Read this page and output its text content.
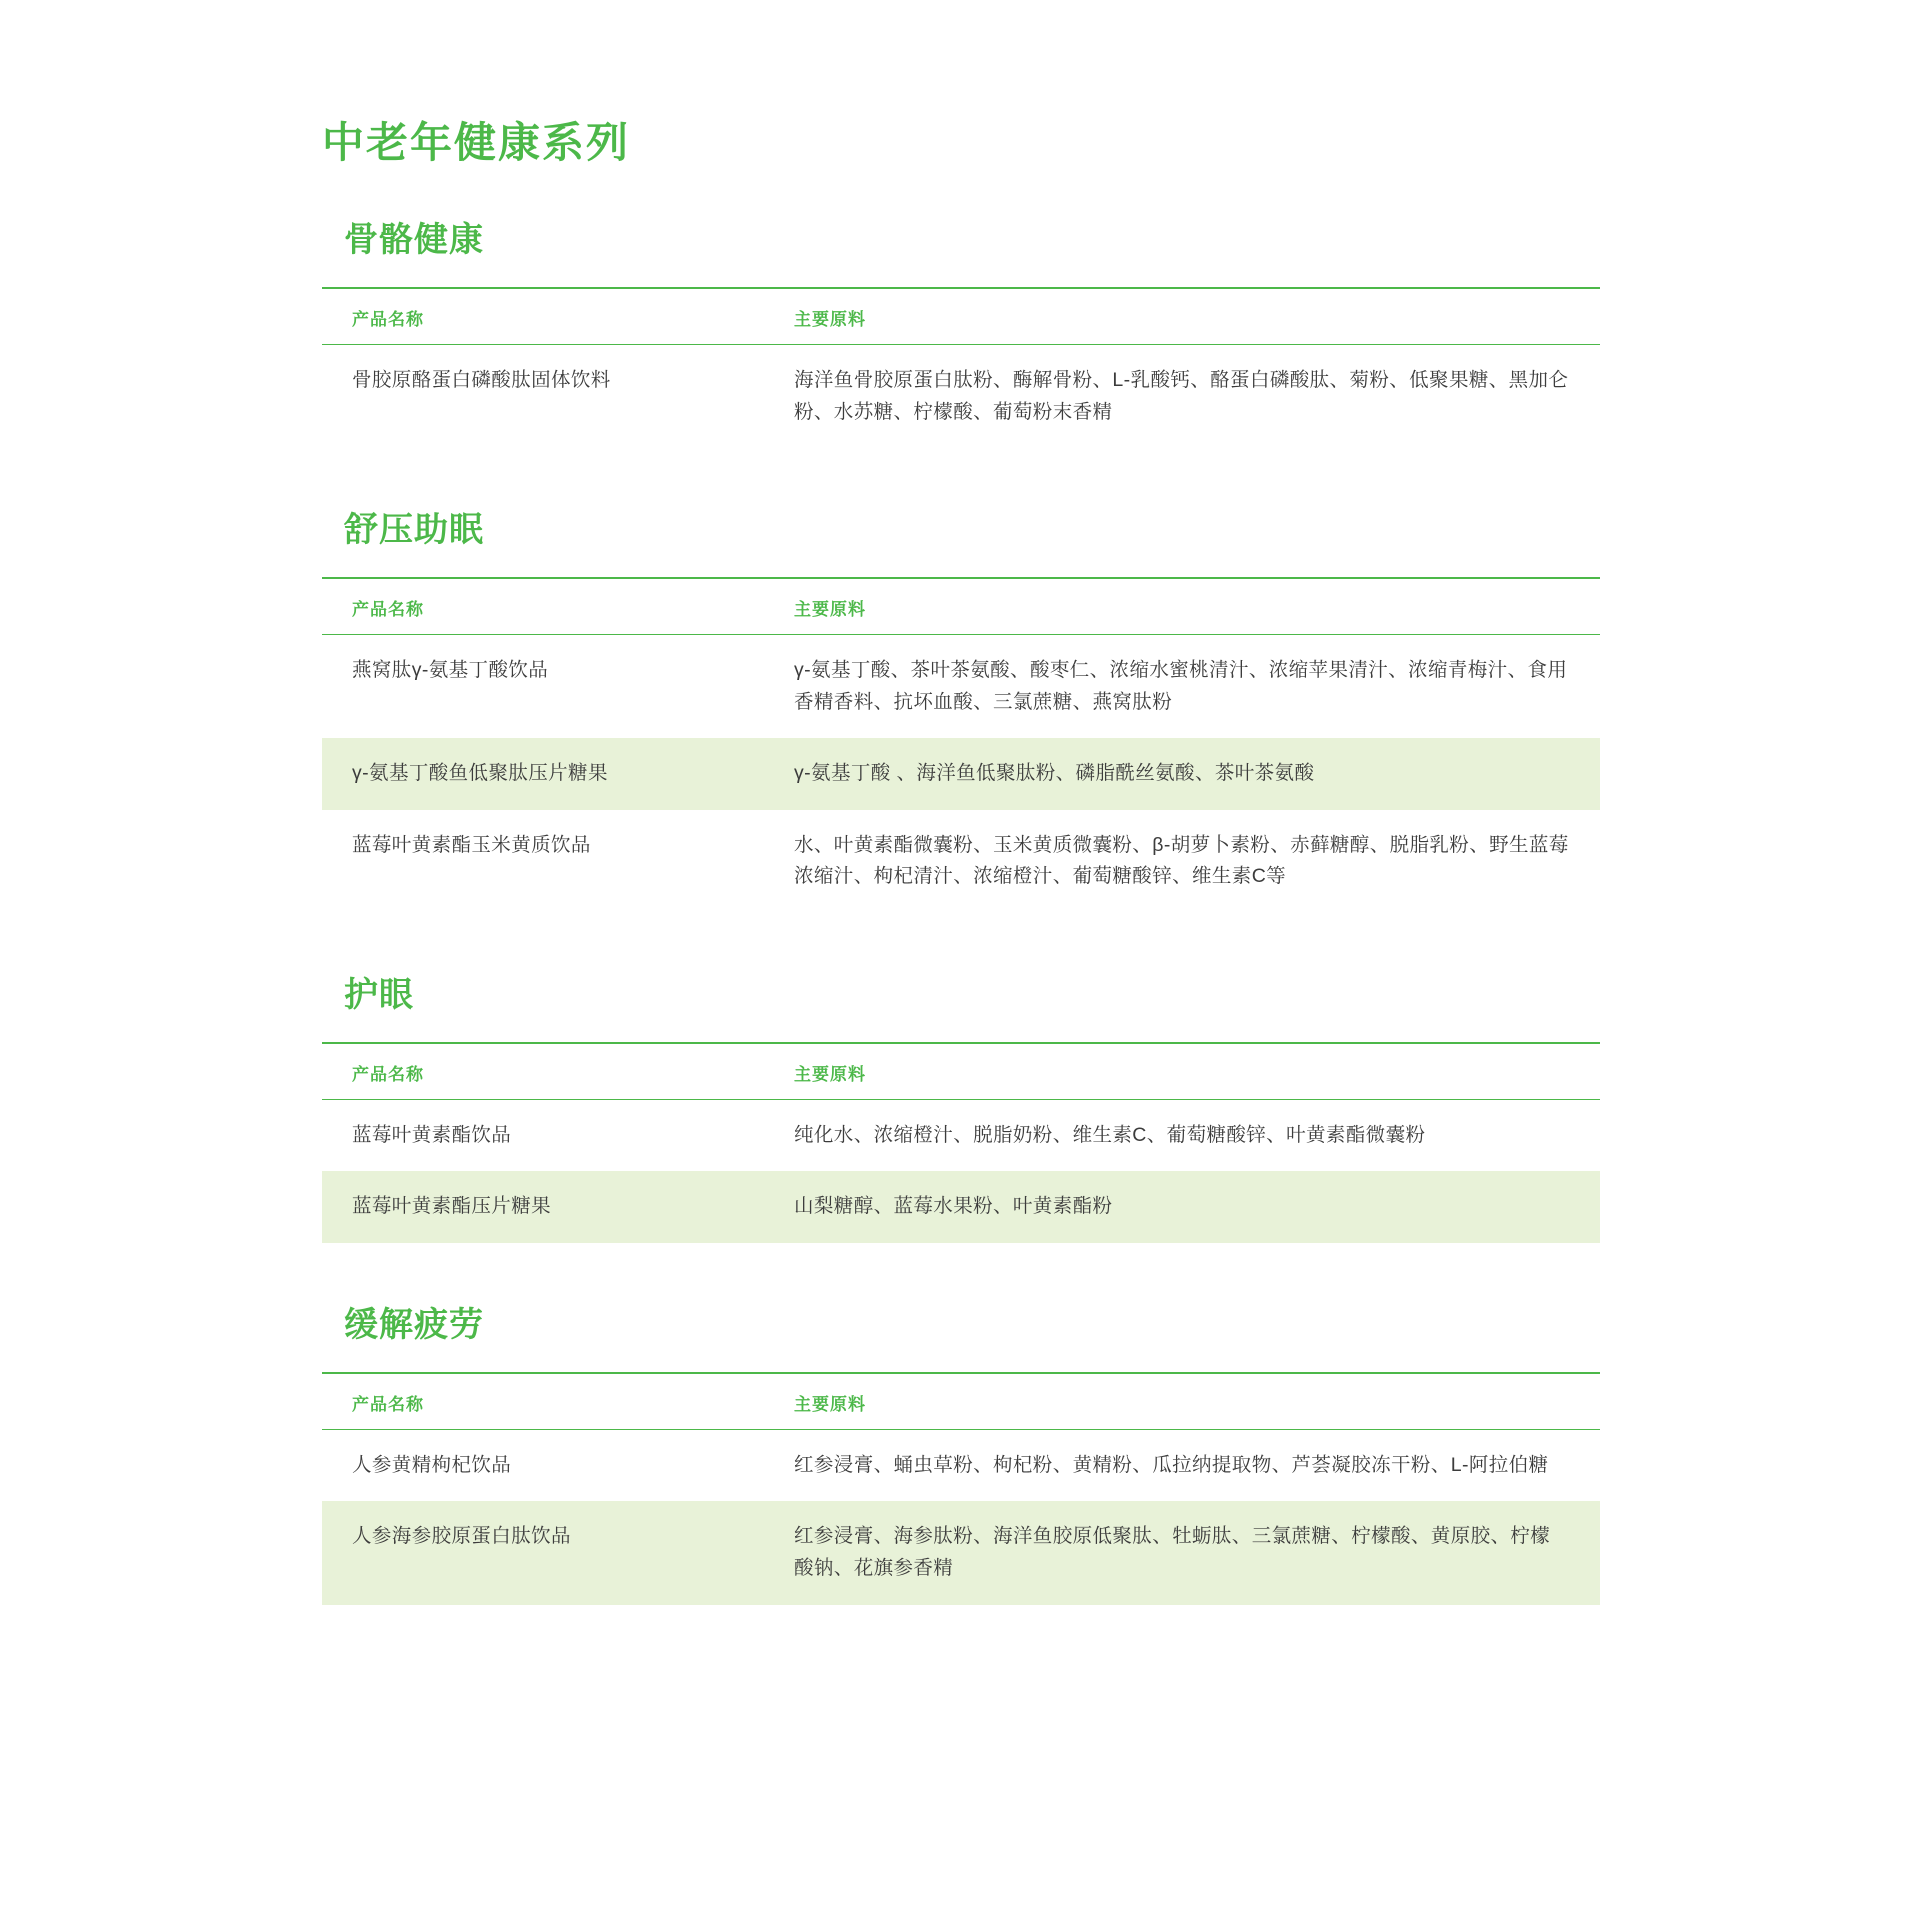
中老年健康系列
骨骼健康
产品名称	主要原料
骨胶原酪蛋白磷酸肽固体饮料	海洋鱼骨胶原蛋白肽粉、酶解骨粉、L-乳酸钙、酪蛋白磷酸肽、菊粉、低聚果糖、黑加仑粉、水苏糖、柠檬酸、葡萄粉末香精
舒压助眠
产品名称	主要原料
燕窝肽γ-氨基丁酸饮品	γ-氨基丁酸、茶叶茶氨酸、酸枣仁、浓缩水蜜桃清汁、浓缩苹果清汁、浓缩青梅汁、食用香精香料、抗坏血酸、三氯蔗糖、燕窝肽粉
γ-氨基丁酸鱼低聚肽压片糖果	γ-氨基丁酸 、海洋鱼低聚肽粉、磷脂酰丝氨酸、茶叶茶氨酸
蓝莓叶黄素酯玉米黄质饮品	水、叶黄素酯微囊粉、玉米黄质微囊粉、β-胡萝卜素粉、赤藓糖醇、脱脂乳粉、野生蓝莓浓缩汁、枸杞清汁、浓缩橙汁、葡萄糖酸锌、维生素C等
护眼
产品名称	主要原料
蓝莓叶黄素酯饮品	纯化水、浓缩橙汁、脱脂奶粉、维生素C、葡萄糖酸锌、叶黄素酯微囊粉
蓝莓叶黄素酯压片糖果	山梨糖醇、蓝莓水果粉、叶黄素酯粉
缓解疲劳
产品名称	主要原料
人参黄精枸杞饮品	红参浸膏、蛹虫草粉、枸杞粉、黄精粉、瓜拉纳提取物、芦荟凝胶冻干粉、L-阿拉伯糖
人参海参胶原蛋白肽饮品	红参浸膏、海参肽粉、海洋鱼胶原低聚肽、牡蛎肽、三氯蔗糖、柠檬酸、黄原胶、柠檬酸钠、花旗参香精
